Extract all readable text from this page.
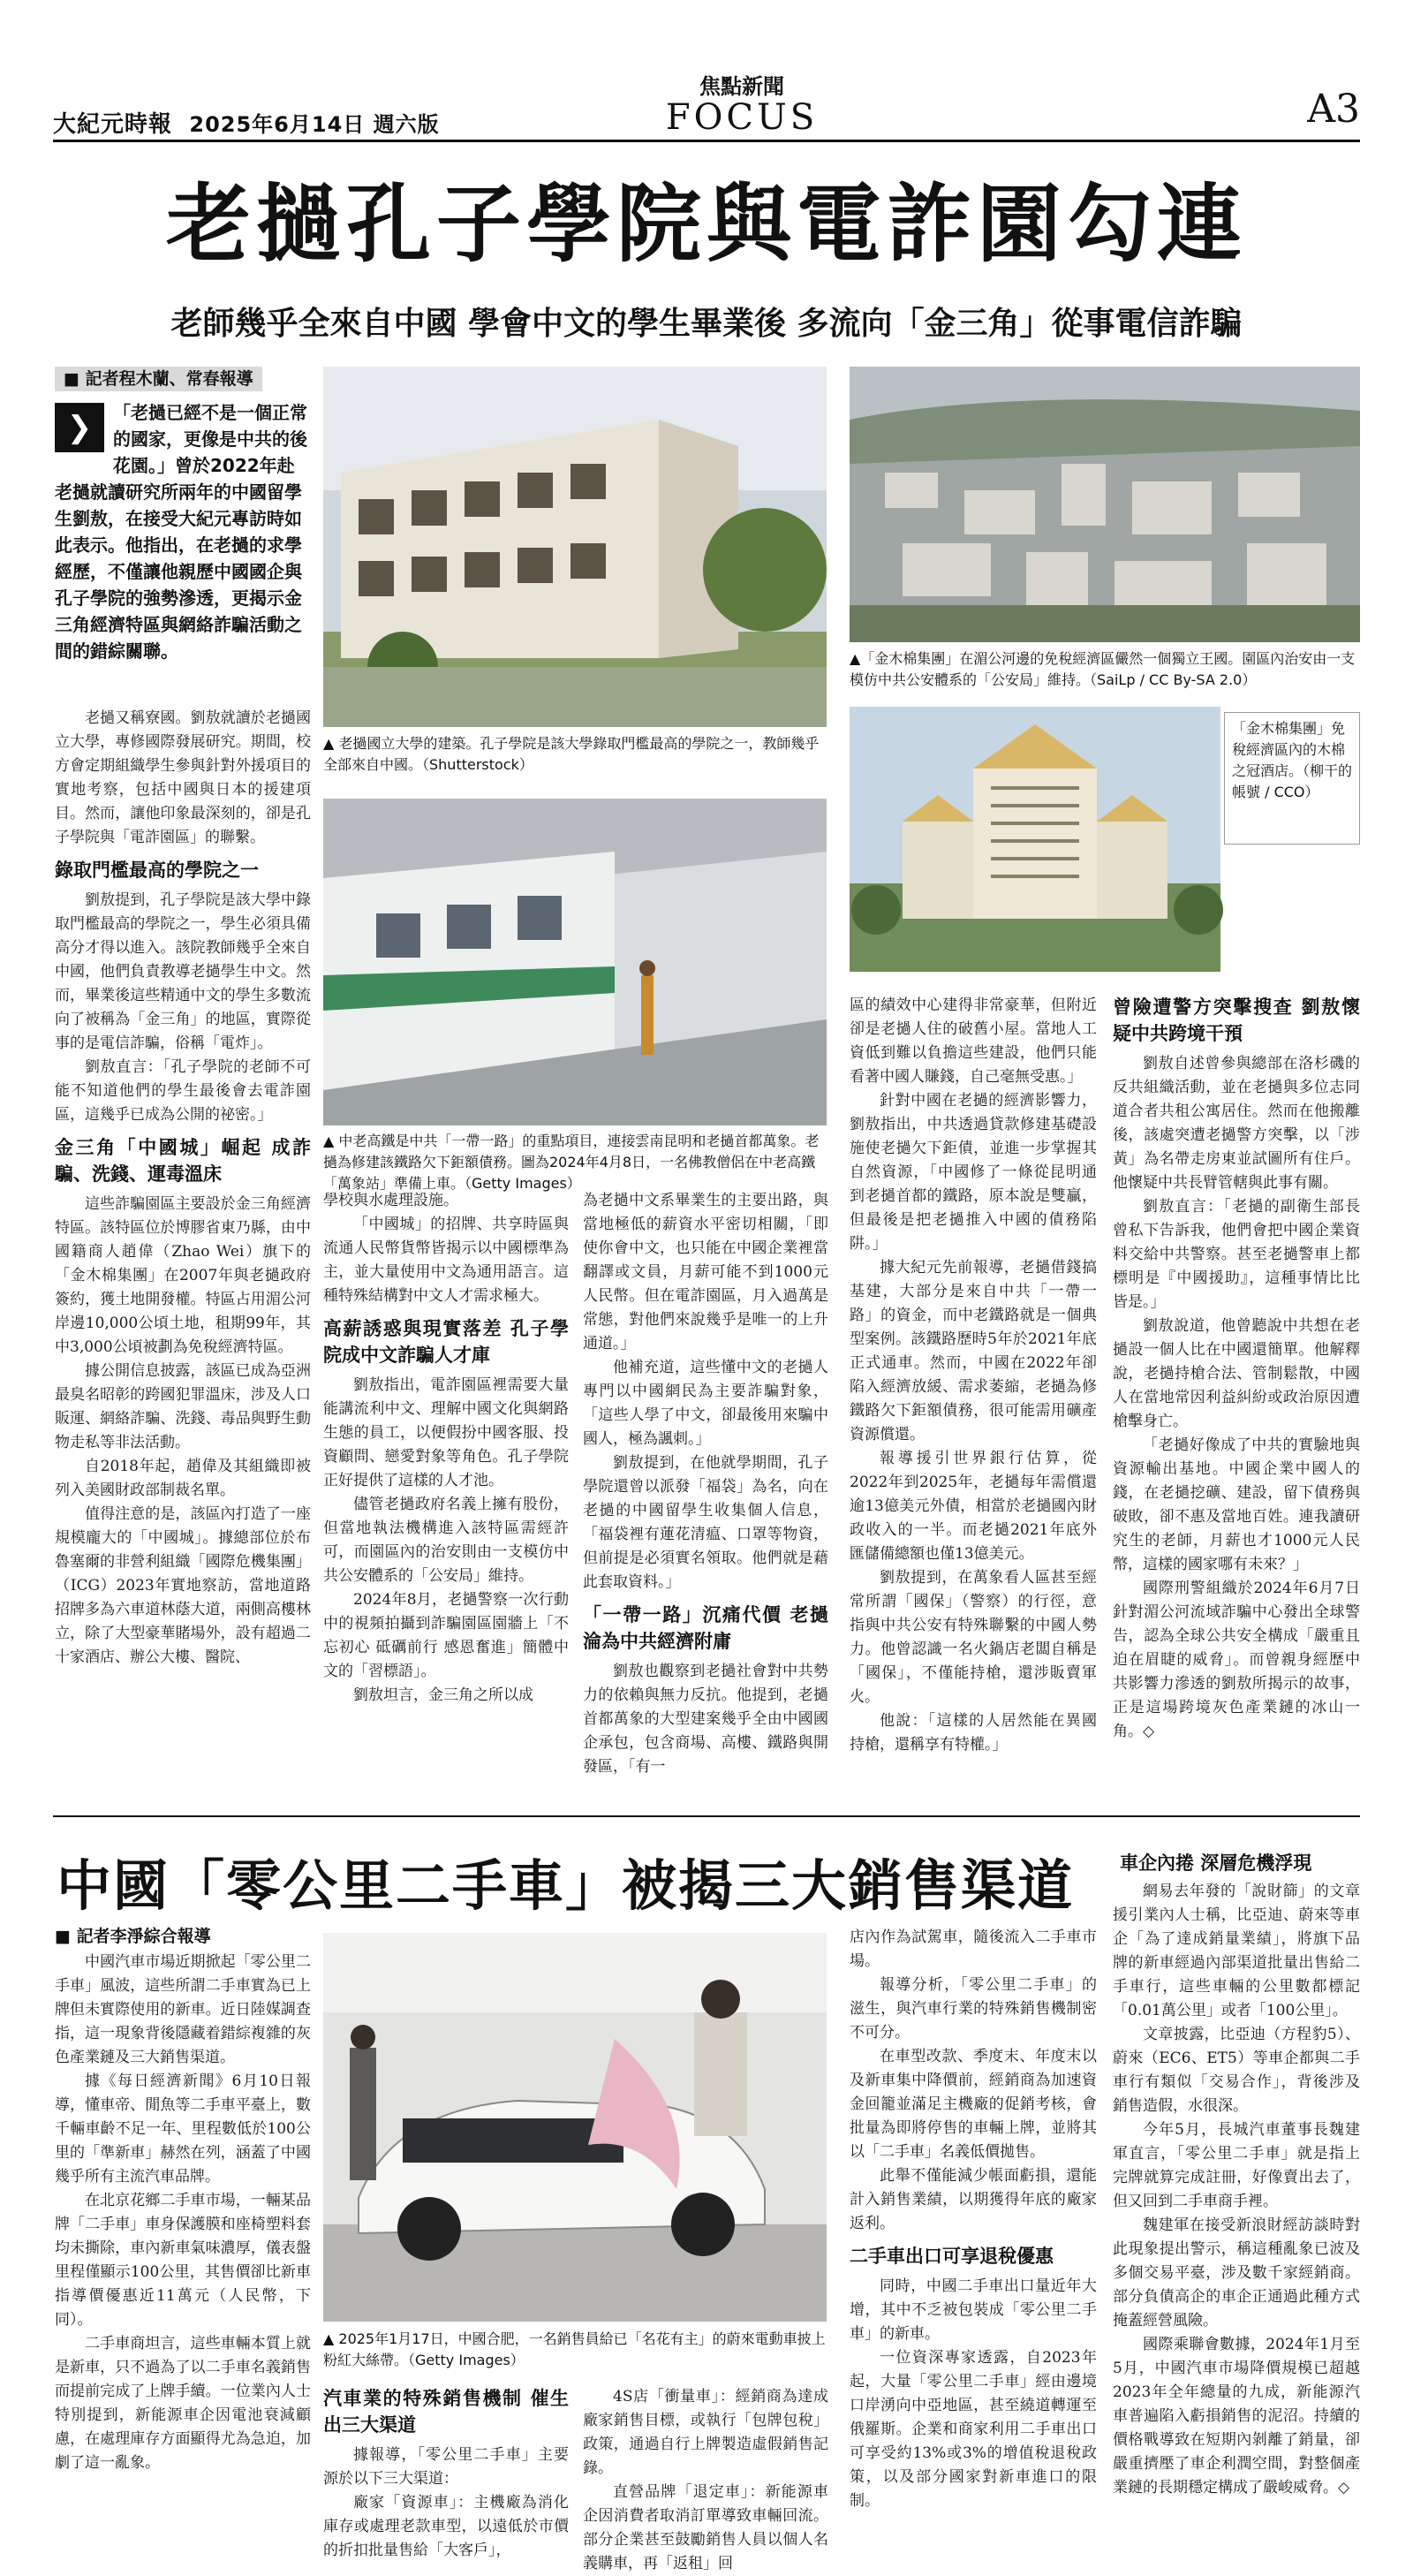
大紀元時報 2025年6月14日 週六版
焦點新聞
FOCUS	A3
老撾孔子學院與電詐園勾連
老師幾乎全來自中國 學會中文的學生畢業後 多流向「金三角」從事電信詐騙
■ 記者程木蘭、常春報導
❯	「老撾已經不是一個正常的國家，更像是中共的後花園。」曾於2022年赴老撾就讀研究所兩年的中國留學生劉敖，在接受大紀元專訪時如此表示。他指出，在老撾的求學經歷，不僅讓他親歷中國國企與孔子學院的強勢滲透，更揭示金三角經濟特區與網絡詐騙活動之間的錯綜關聯。
▲ 老撾國立大學的建築。孔子學院是該大學錄取門檻最高的學院之一，教師幾乎全部來自中國。（Shutterstock）
▲「金木棉集團」在湄公河邊的免稅經濟區儼然一個獨立王國。園區內治安由一支模仿中共公安體系的「公安局」維持。（SaiLp / CC By-SA 2.0）
「金木棉集團」免稅經濟區內的木棉之冠酒店。（柳干的帳號 / CCO）
▲ 中老高鐵是中共「一帶一路」的重點項目，連接雲南昆明和老撾首都萬象。老撾為修建該鐵路欠下鉅額債務。圖為2024年4月8日，一名佛教僧侶在中老高鐵「萬象站」準備上車。（Getty Images）

老撾又稱寮國。劉敖就讀於老撾國立大學，專修國際發展研究。期間，校方會定期組織學生參與針對外援項目的實地考察，包括中國與日本的援建項目。然而，讓他印象最深刻的，卻是孔子學院與「電詐園區」的聯繫。

錄取門檻最高的學院之一

劉敖提到，孔子學院是該大學中錄取門檻最高的學院之一，學生必須具備高分才得以進入。該院教師幾乎全來自中國，他們負責教導老撾學生中文。然而，畢業後這些精通中文的學生多數流向了被稱為「金三角」的地區，實際從事的是電信詐騙，俗稱「電炸」。

劉敖直言：「孔子學院的老師不可能不知道他們的學生最後會去電詐園區，這幾乎已成為公開的祕密。」

金三角「中國城」崛起 成詐騙、洗錢、運毒溫床

這些詐騙園區主要設於金三角經濟特區。該特區位於博膠省東乃縣，由中國籍商人趙偉（Zhao Wei）旗下的「金木棉集團」在2007年與老撾政府簽約，獲土地開發權。特區占用湄公河岸邊10,000公頃土地，租期99年，其中3,000公頃被劃為免稅經濟特區。

據公開信息披露，該區已成為亞洲最臭名昭彰的跨國犯罪溫床，涉及人口販運、網絡詐騙、洗錢、毒品與野生動物走私等非法活動。

自2018年起，趙偉及其組織即被列入美國財政部制裁名單。

值得注意的是，該區內打造了一座規模龐大的「中國城」。據總部位於布魯塞爾的非營利組織「國際危機集團」（ICG）2023年實地察訪，當地道路招牌多為六車道林蔭大道，兩側高樓林立，除了大型豪華賭場外，設有超過二十家酒店、辦公大樓、醫院、

學校與水處理設施。

「中國城」的招牌、共享時區與流通人民幣貨幣皆揭示以中國標準為主，並大量使用中文為通用語言。這種特殊結構對中文人才需求極大。

高薪誘惑與現實落差 孔子學院成中文詐騙人才庫

劉敖指出，電詐園區裡需要大量能講流利中文、理解中國文化與網路生態的員工，以便假扮中國客服、投資顧問、戀愛對象等角色。孔子學院正好提供了這樣的人才池。

儘管老撾政府名義上擁有股份，但當地執法機構進入該特區需經許可，而園區內的治安則由一支模仿中共公安體系的「公安局」維持。

2024年8月，老撾警察一次行動中的視頻拍攝到詐騙園區園牆上「不忘初心 砥礪前行 感恩奮進」簡體中文的「習標語」。

劉敖坦言，金三角之所以成

為老撾中文系畢業生的主要出路，與當地極低的薪資水平密切相關，「即使你會中文，也只能在中國企業裡當翻譯或文員，月薪可能不到1000元人民幣。但在電詐園區，月入過萬是常態，對他們來說幾乎是唯一的上升通道。」

他補充道，這些懂中文的老撾人專門以中國網民為主要詐騙對象，「這些人學了中文，卻最後用來騙中國人，極為諷刺。」

劉敖提到，在他就學期間，孔子學院還曾以派發「福袋」為名，向在老撾的中國留學生收集個人信息，「福袋裡有蓮花清瘟、口罩等物資，但前提是必須實名領取。他們就是藉此套取資料。」

「一帶一路」沉痛代價 老撾淪為中共經濟附庸

劉敖也觀察到老撾社會對中共勢力的依賴與無力反抗。他提到，老撾首都萬象的大型建案幾乎全由中國國企承包，包含商場、高樓、鐵路與開發區，「有一

區的績效中心建得非常豪華，但附近卻是老撾人住的破舊小屋。當地人工資低到難以負擔這些建設，他們只能看著中國人賺錢，自己毫無受惠。」

針對中國在老撾的經濟影響力，劉敖指出，中共透過貸款修建基礎設施使老撾欠下鉅債，並進一步掌握其自然資源，「中國修了一條從昆明通到老撾首都的鐵路，原本說是雙贏，但最後是把老撾推入中國的債務陷阱。」

據大紀元先前報導，老撾借錢搞基建，大部分是來自中共「一帶一路」的資金，而中老鐵路就是一個典型案例。該鐵路歷時5年於2021年底正式通車。然而，中國在2022年卻陷入經濟放緩、需求萎縮，老撾為修鐵路欠下鉅額債務，很可能需用礦產資源償還。

報導援引世界銀行估算，從2022年到2025年，老撾每年需償還逾13億美元外債，相當於老撾國內財政收入的一半。而老撾2021年底外匯儲備總額也僅13億美元。

劉敖提到，在萬象看人區甚至經常所謂「國保」（警察）的行徑，意指與中共公安有特殊聯繫的中國人勢力。他曾認識一名火鍋店老闆自稱是「國保」，不僅能持槍，還涉販賣軍火。

他說：「這樣的人居然能在異國持槍，還稱享有特權。」

曾險遭警方突擊搜查 劉敖懷疑中共跨境干預

劉敖自述曾參與總部在洛杉磯的反共組織活動，並在老撾與多位志同道合者共租公寓居住。然而在他搬離後，該處突遭老撾警方突擊，以「涉黃」為名帶走房東並試圖所有住戶。他懷疑中共長臂管轄與此事有關。

劉敖直言：「老撾的副衛生部長曾私下告訴我，他們會把中國企業資料交給中共警察。甚至老撾警車上都標明是『中國援助』，這種事情比比皆是。」

劉敖說道，他曾聽說中共想在老撾設一個人比在中國還簡單。他解釋說，老撾持槍合法、管制鬆散，中國人在當地常因利益糾紛或政治原因遭槍擊身亡。

「老撾好像成了中共的實驗地與資源輸出基地。中國企業中國人的錢，在老撾挖礦、建設，留下債務與破敗，卻不惠及當地百姓。連我讀研究生的老師，月薪也才1000元人民幣，這樣的國家哪有未來？」

國際刑警組織於2024年6月7日針對湄公河流域詐騙中心發出全球警告，認為全球公共安全構成「嚴重且迫在眉睫的威脅」。而曾親身經歷中共影響力滲透的劉敖所揭示的故事，正是這場跨境灰色產業鏈的冰山一角。◇

中國「零公里二手車」被揭三大銷售渠道
■ 記者李淨綜合報導
▲ 2025年1月17日，中國合肥，一名銷售員給已「名花有主」的蔚來電動車披上粉紅大絲帶。（Getty Images）

中國汽車市場近期掀起「零公里二手車」風波，這些所謂二手車實為已上牌但未實際使用的新車。近日陸媒調查指，這一現象背後隱藏着錯綜複雜的灰色產業鏈及三大銷售渠道。

據《每日經濟新聞》6月10日報導，懂車帝、閒魚等二手車平臺上，數千輛車齡不足一年、里程數低於100公里的「準新車」赫然在列，涵蓋了中國幾乎所有主流汽車品牌。

在北京花鄉二手車市場，一輛某品牌「二手車」車身保護膜和座椅塑料套均未撕除，車內新車氣味濃厚，儀表盤里程僅顯示100公里，其售價卻比新車指導價優惠近11萬元（人民幣，下同）。

二手車商坦言，這些車輛本質上就是新車，只不過為了以二手車名義銷售而提前完成了上牌手續。一位業內人士特別提到，新能源車企因電池衰減顧慮，在處理庫存方面顯得尤為急迫，加劇了這一亂象。

汽車業的特殊銷售機制 催生出三大渠道

據報導，「零公里二手車」主要源於以下三大渠道：

廠家「資源車」：主機廠為消化庫存或處理老款車型，以遠低於市價的折扣批量售給「大客戶」，

4S店「衝量車」：經銷商為達成廠家銷售目標，或執行「包牌包稅」政策，通過自行上牌製造虛假銷售記錄。

直營品牌「退定車」：新能源車企因消費者取消訂單導致車輛回流。部分企業甚至鼓勵銷售人員以個人名義購車，再「返租」回

店內作為試駕車，隨後流入二手車市場。

報導分析，「零公里二手車」的滋生，與汽車行業的特殊銷售機制密不可分。

在車型改款、季度末、年度末以及新車集中降價前，經銷商為加速資金回籠並滿足主機廠的促銷考核，會批量為即將停售的車輛上牌，並將其以「二手車」名義低價拋售。

此舉不僅能減少帳面虧損，還能計入銷售業績，以期獲得年底的廠家返利。

二手車出口可享退稅優惠

同時，中國二手車出口量近年大增，其中不乏被包裝成「零公里二手車」的新車。

一位資深專家透露，自2023年起，大量「零公里二手車」經由邊境口岸湧向中亞地區，甚至繞道轉運至俄羅斯。企業和商家利用二手車出口可享受約13%或3%的增值稅退稅政策，以及部分國家對新車進口的限制。

車企內捲 深層危機浮現

網易去年發的「說財篩」的文章援引業內人士稱，比亞迪、蔚來等車企「為了達成銷量業績」，將旗下品牌的新車經過內部渠道批量出售給二手車行，這些車輛的公里數都標記「0.01萬公里」或者「100公里」。

文章披露，比亞迪（方程豹5）、蔚來（EC6、ET5）等車企都與二手車行有類似「交易合作」，背後涉及銷售造假，水很深。

今年5月，長城汽車董事長魏建軍直言，「零公里二手車」就是指上完牌就算完成註冊，好像賣出去了，但又回到二手車商手裡。

魏建軍在接受新浪財經訪談時對此現象提出警示，稱這種亂象已波及多個交易平臺，涉及數千家經銷商。部分負債高企的車企正通過此種方式掩蓋經營風險。

國際乘聯會數據，2024年1月至5月，中國汽車市場降價規模已超越2023年全年總量的九成，新能源汽車普遍陷入虧損銷售的泥沼。持續的價格戰導致在短期內剝離了銷量，卻嚴重擠壓了車企利潤空間，對整個產業鏈的長期穩定構成了嚴峻威脅。◇
